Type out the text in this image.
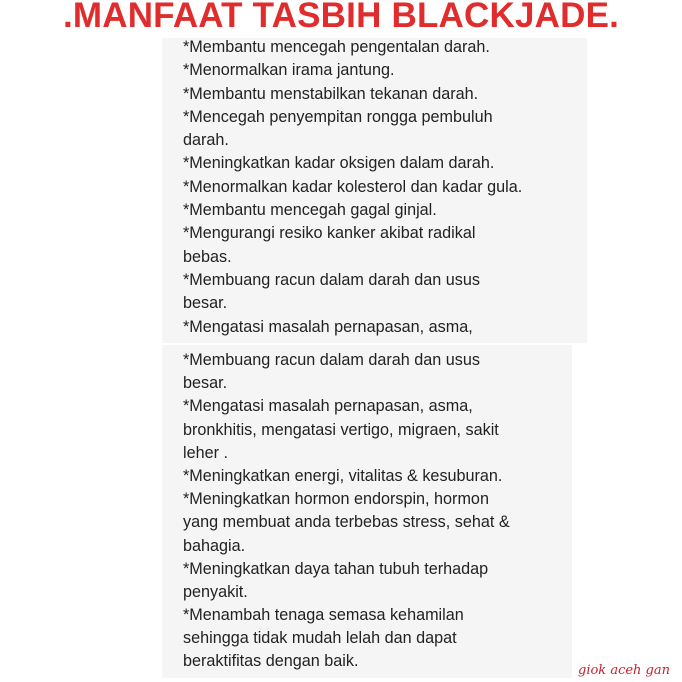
.MANFAAT TASBIH BLACKJADE.
*Membantu mencegah pengentalan darah.
*Menormalkan irama jantung.
*Membantu menstabilkan tekanan darah.
*Mencegah penyempitan rongga pembuluh
darah.
*Meningkatkan kadar oksigen dalam darah.
*Menormalkan kadar kolesterol dan kadar gula.
*Membantu mencegah gagal ginjal.
*Mengurangi resiko kanker akibat radikal
bebas.
*Membuang racun dalam darah dan usus
besar.
*Mengatasi masalah pernapasan, asma,
*Membuang racun dalam darah dan usus
besar.
*Mengatasi masalah pernapasan, asma,
bronkhitis, mengatasi vertigo, migraen, sakit
leher .
*Meningkatkan energi, vitalitas & kesuburan.
*Meningkatkan hormon endorspin, hormon
yang membuat anda terbebas stress, sehat &
bahagia.
*Meningkatkan daya tahan tubuh terhadap
penyakit.
*Menambah tenaga semasa kehamilan
sehingga tidak mudah lelah dan dapat
beraktifitas dengan baik.

giok aceh gan
